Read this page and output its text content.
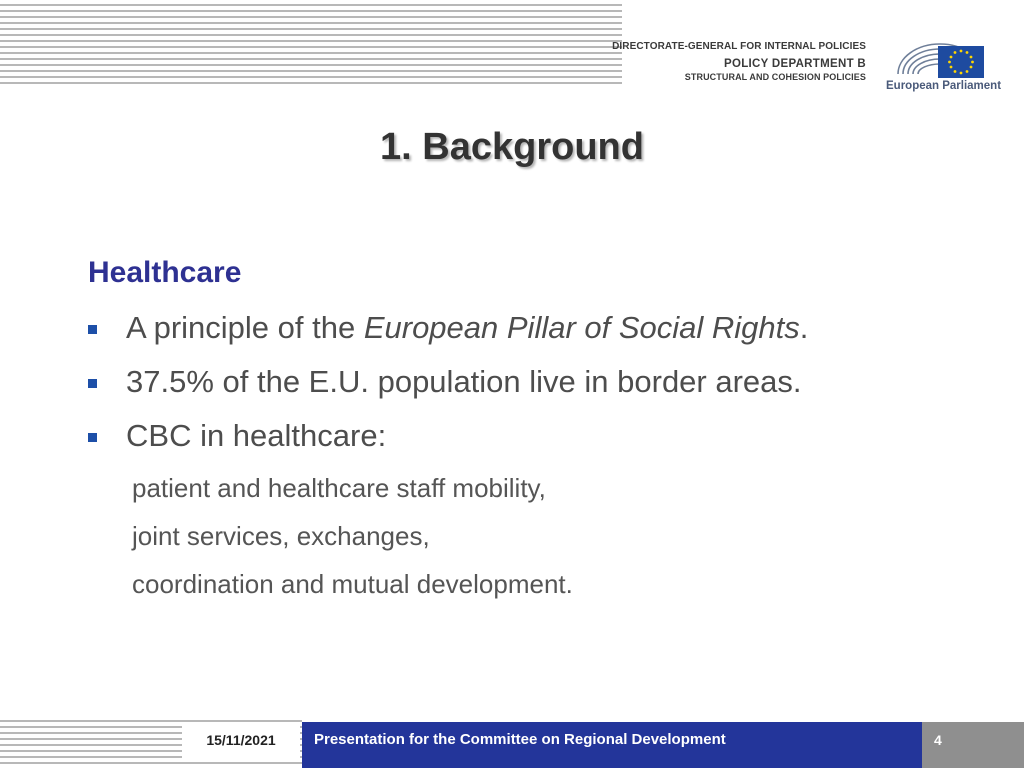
DIRECTORATE-GENERAL FOR INTERNAL POLICIES
POLICY DEPARTMENT B
STRUCTURAL AND COHESION POLICIES
European Parliament
1. Background
Healthcare
A principle of the European Pillar of Social Rights.
37.5% of the E.U. population live in border areas.
CBC in healthcare:
patient and healthcare staff mobility,
joint services, exchanges,
coordination and mutual development.
15/11/2021	Presentation for the Committee on Regional Development	4
